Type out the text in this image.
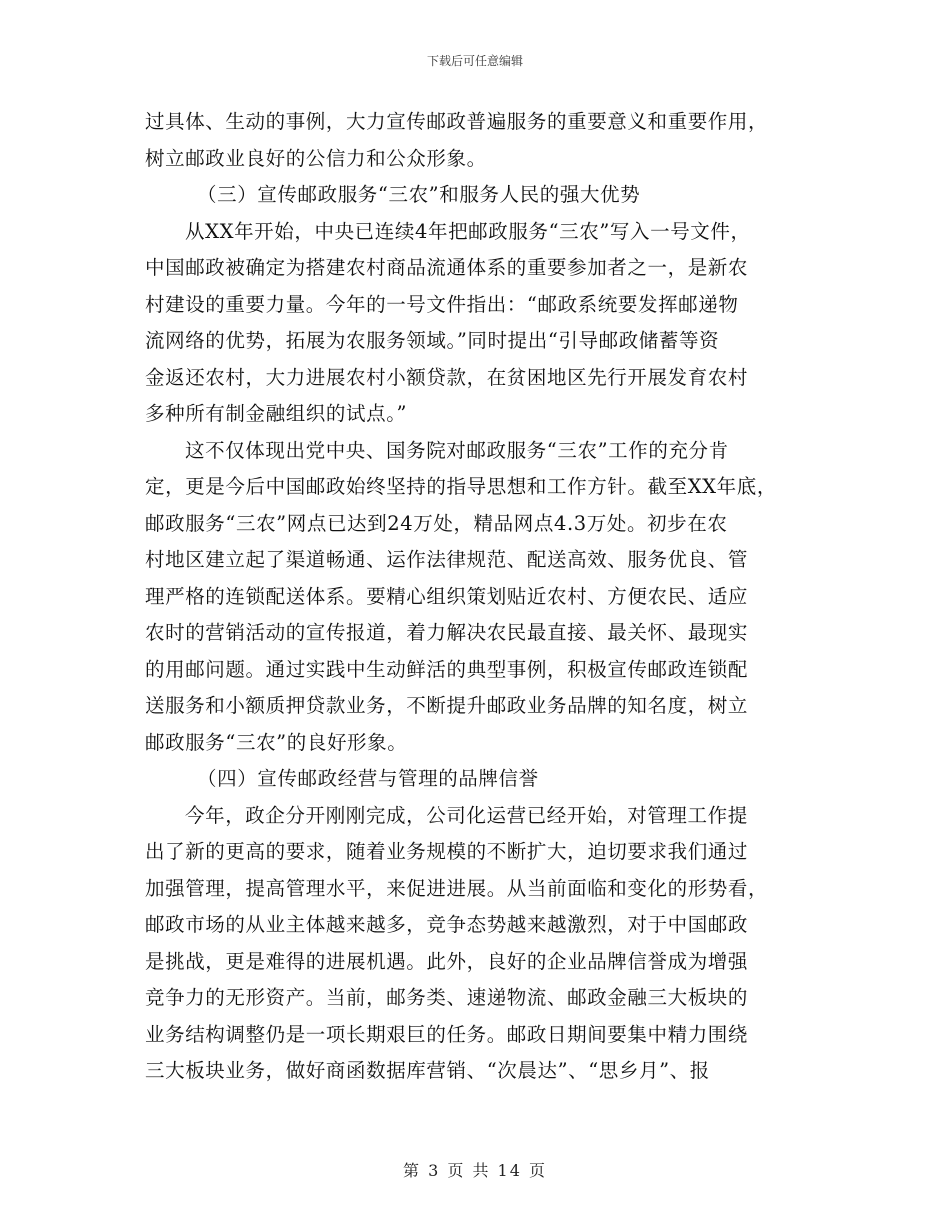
下载后可任意编辑
过具体、生动的事例，大力宣传邮政普遍服务的重要意义和重要作用，
树立邮政业良好的公信力和公众形象。
（三）宣传邮政服务“三农”和服务人民的强大优势
从XX年开始，中央已连续4年把邮政服务“三农”写入一号文件，
中国邮政被确定为搭建农村商品流通体系的重要参加者之一，是新农
村建设的重要力量。今年的一号文件指出：“邮政系统要发挥邮递物
流网络的优势，拓展为农服务领域。”同时提出“引导邮政储蓄等资
金返还农村，大力进展农村小额贷款，在贫困地区先行开展发育农村
多种所有制金融组织的试点。”
这不仅体现出党中央、国务院对邮政服务“三农”工作的充分肯
定，更是今后中国邮政始终坚持的指导思想和工作方针。截至XX年底，
邮政服务“三农”网点已达到24万处，精品网点4.3万处。初步在农
村地区建立起了渠道畅通、运作法律规范、配送高效、服务优良、管
理严格的连锁配送体系。要精心组织策划贴近农村、方便农民、适应
农时的营销活动的宣传报道，着力解决农民最直接、最关怀、最现实
的用邮问题。通过实践中生动鲜活的典型事例，积极宣传邮政连锁配
送服务和小额质押贷款业务，不断提升邮政业务品牌的知名度，树立
邮政服务“三农”的良好形象。
（四）宣传邮政经营与管理的品牌信誉
今年，政企分开刚刚完成，公司化运营已经开始，对管理工作提
出了新的更高的要求，随着业务规模的不断扩大，迫切要求我们通过
加强管理，提高管理水平，来促进进展。从当前面临和变化的形势看，
邮政市场的从业主体越来越多，竞争态势越来越激烈，对于中国邮政
是挑战，更是难得的进展机遇。此外，良好的企业品牌信誉成为增强
竞争力的无形资产。当前，邮务类、速递物流、邮政金融三大板块的
业务结构调整仍是一项长期艰巨的任务。邮政日期间要集中精力围绕
三大板块业务，做好商函数据库营销、“次晨达”、“思乡月”、报
第 3 页 共 14 页
